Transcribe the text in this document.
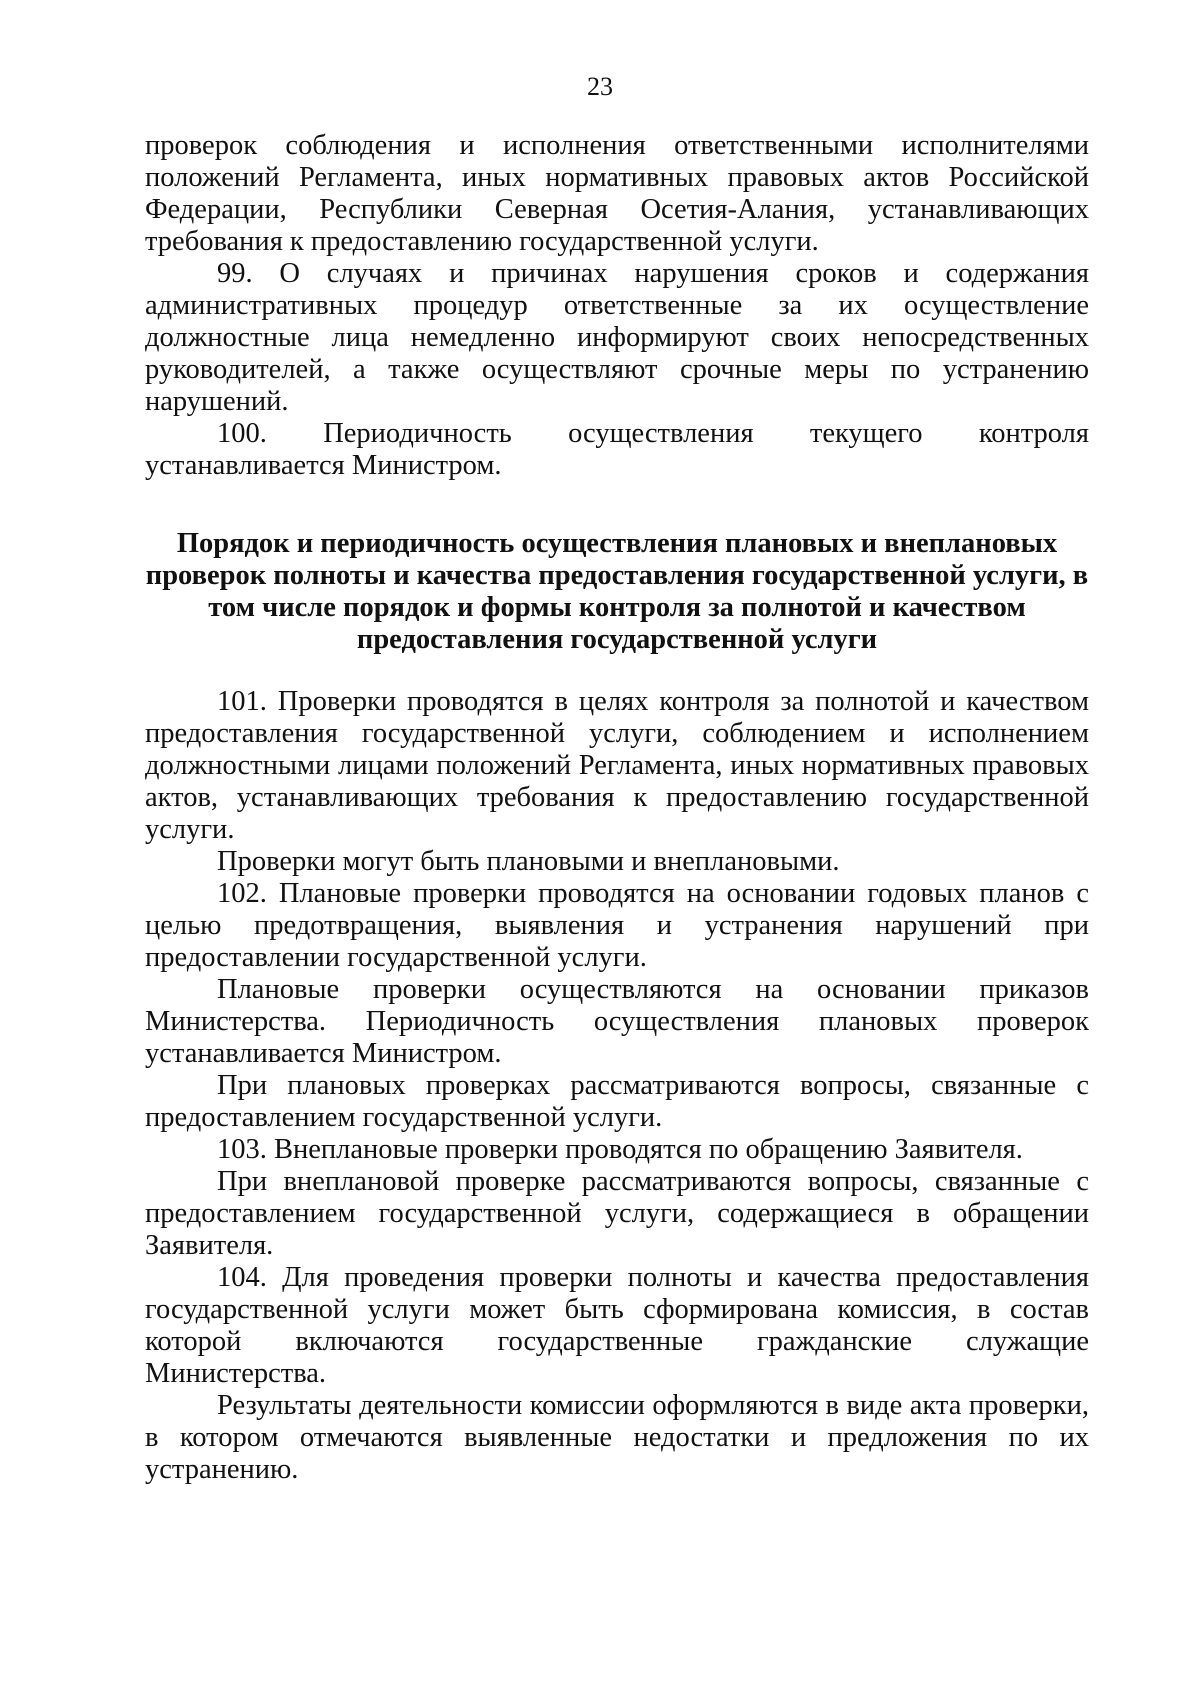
23

проверок соблюдения и исполнения ответственными исполнителями положений Регламента, иных нормативных правовых актов Российской Федерации, Республики Северная Осетия-Алания, устанавливающих требования к предоставлению государственной услуги.

99. О случаях и причинах нарушения сроков и содержания административных процедур ответственные за их осуществление должностные лица немедленно информируют своих непосредственных руководителей, а также осуществляют срочные меры по устранению нарушений.

100. Периодичность осуществления текущего контроля устанавливается Министром.

Порядок и периодичность осуществления плановых и внеплановых проверок полноты и качества предоставления государственной услуги, в том числе порядок и формы контроля за полнотой и качеством предоставления государственной услуги

101. Проверки проводятся в целях контроля за полнотой и качеством предоставления государственной услуги, соблюдением и исполнением должностными лицами положений Регламента, иных нормативных правовых актов, устанавливающих требования к предоставлению государственной услуги.

Проверки могут быть плановыми и внеплановыми.

102. Плановые проверки проводятся на основании годовых планов с целью предотвращения, выявления и устранения нарушений при предоставлении государственной услуги.

Плановые проверки осуществляются на основании приказов Министерства. Периодичность осуществления плановых проверок устанавливается Министром.

При плановых проверках рассматриваются вопросы, связанные с предоставлением государственной услуги.

103. Внеплановые проверки проводятся по обращению Заявителя.

При внеплановой проверке рассматриваются вопросы, связанные с предоставлением государственной услуги, содержащиеся в обращении Заявителя.

104. Для проведения проверки полноты и качества предоставления государственной услуги может быть сформирована комиссия, в состав которой включаются государственные гражданские служащие Министерства.

Результаты деятельности комиссии оформляются в виде акта проверки, в котором отмечаются выявленные недостатки и предложения по их устранению.
